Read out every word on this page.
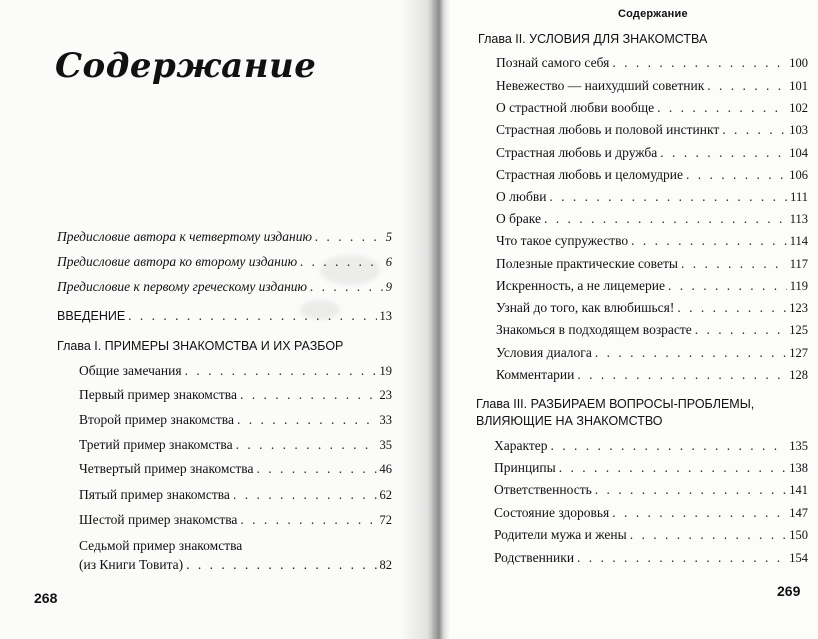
Содержание
Предисловие автора к четвертому изданию . . .	5
Предисловие автора ко второму изданию . . .	6
Предисловие к первому греческому изданию . . .	9
ВВЕДЕНИЕ . . .	13
Глава I. ПРИМЕРЫ ЗНАКОМСТВА И ИХ РАЗБОР
Общие замечания . . .	19
Первый пример знакомства . . .	23
Второй пример знакомства . . .	33
Третий пример знакомства . . .	35
Четвертый пример знакомства . . .	46
Пятый пример знакомства . . .	62
Шестой пример знакомства . . .	72
Седьмой пример знакомства
(из Книги Товита) . . .	82
268
Глава II. УСЛОВИЯ ДЛЯ ЗНАКОМСТВА
Познай самого себя . . .	100
Невежество — наихудший советник . . .	101
О страстной любви вообще . . .	102
Страстная любовь и половой инстинкт . . .	103
Страстная любовь и дружба . . .	104
Страстная любовь и целомудрие . . .	106
О любви . . .	111
О браке . . .	113
Что такое супружество . . .	114
Полезные практические советы . . .	117
Искренность, а не лицемерие . . .	119
Узнай до того, как влюбишься! . . .	123
Знакомься в подходящем возрасте . . .	125
Условия диалога . . .	127
Комментарии . . .	128
Глава III. РАЗБИРАЕМ ВОПРОСЫ-ПРОБЛЕМЫ,
ВЛИЯЮЩИЕ НА ЗНАКОМСТВО
Характер . . .	135
Принципы . . .	138
Ответственность . . .	141
Состояние здоровья . . .	147
Родители мужа и жены . . .	150
Родственники . . .	154
269
Содержание
